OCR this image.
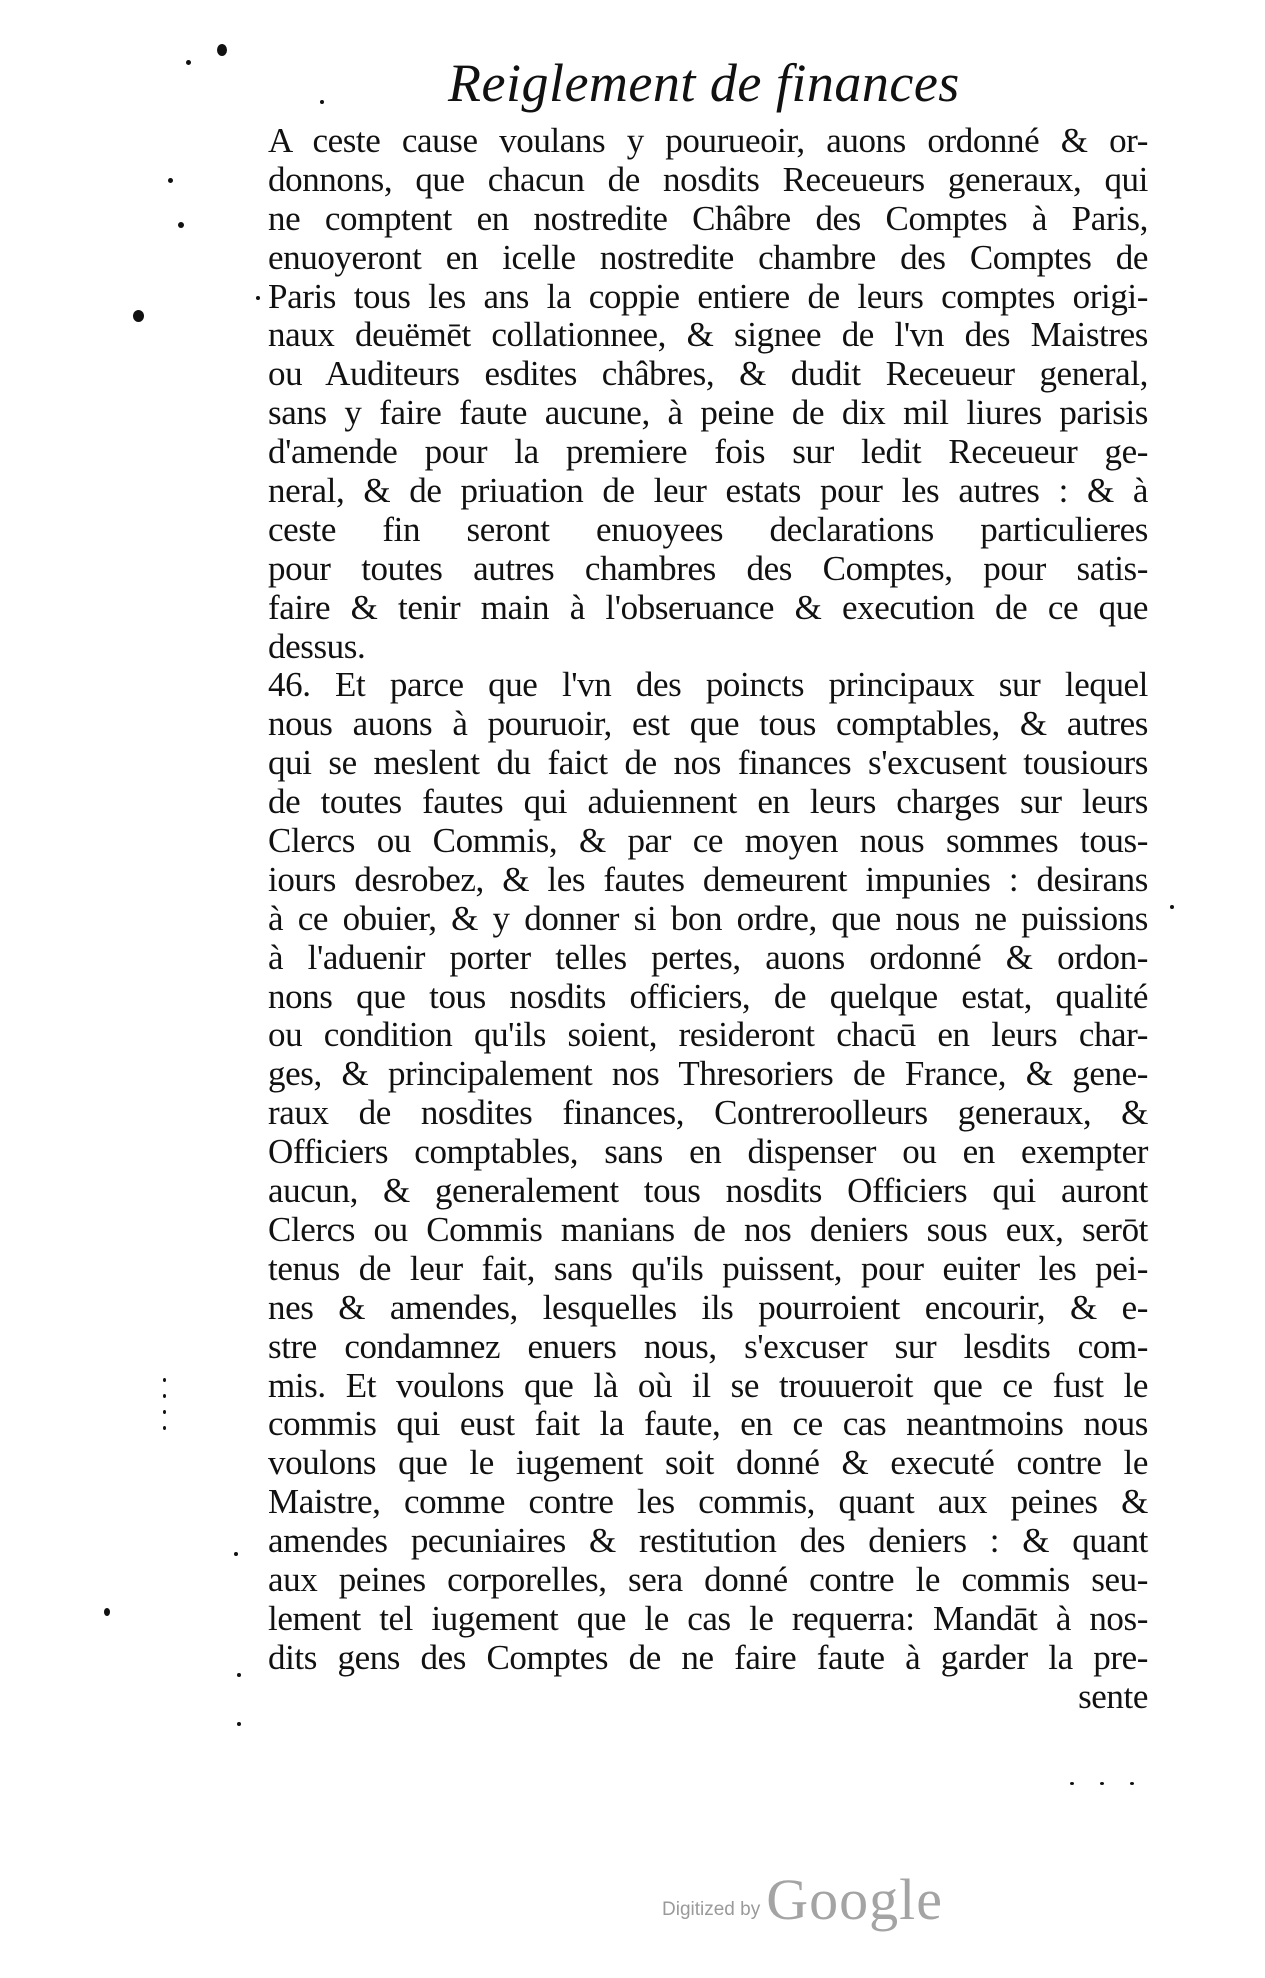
Reiglement de finances
A ceste cause voulans y pourueoir, auons ordonné & or-
donnons, que chacun de nosdits Receueurs generaux, qui
ne comptent en nostredite Châbre des Comptes à Paris,
enuoyeront en icelle nostredite chambre des Comptes de
Paris tous les ans la coppie entiere de leurs comptes origi-
naux deuëmēt collationnee, & signee de l'vn des Maistres
ou Auditeurs esdites châbres, & dudit Receueur general,
sans y faire faute aucune, à peine de dix mil liures parisis
d'amende pour la premiere fois sur ledit Receueur ge-
neral, & de priuation de leur estats pour les autres : & à
ceste fin seront enuoyees declarations particulieres
pour toutes autres chambres des Comptes, pour satis-
faire & tenir main à l'obseruance & execution de ce que
dessus.
46. Et parce que l'vn des poincts principaux sur lequel
nous auons à pouruoir, est que tous comptables, & autres
qui se meslent du faict de nos finances s'excusent tousiours
de toutes fautes qui aduiennent en leurs charges sur leurs
Clercs ou Commis, & par ce moyen nous sommes tous-
iours desrobez, & les fautes demeurent impunies : desirans
à ce obuier, & y donner si bon ordre, que nous ne puissions
à l'aduenir porter telles pertes, auons ordonné & ordon-
nons que tous nosdits officiers, de quelque estat, qualité
ou condition qu'ils soient, resideront chacū en leurs char-
ges, & principalement nos Thresoriers de France, & gene-
raux de nosdites finances, Contreroolleurs generaux, &
Officiers comptables, sans en dispenser ou en exempter
aucun, & generalement tous nosdits Officiers qui auront
Clercs ou Commis manians de nos deniers sous eux, serōt
tenus de leur fait, sans qu'ils puissent, pour euiter les pei-
nes & amendes, lesquelles ils pourroient encourir, & e-
stre condamnez enuers nous, s'excuser sur lesdits com-
mis. Et voulons que là où il se trouueroit que ce fust le
commis qui eust fait la faute, en ce cas neantmoins nous
voulons que le iugement soit donné & executé contre le
Maistre, comme contre les commis, quant aux peines &
amendes pecuniaires & restitution des deniers : & quant
aux peines corporelles, sera donné contre le commis seu-
lement tel iugement que le cas le requerra: Mandāt à nos-
dits gens des Comptes de ne faire faute à garder la pre-
sente
Digitized by Google
